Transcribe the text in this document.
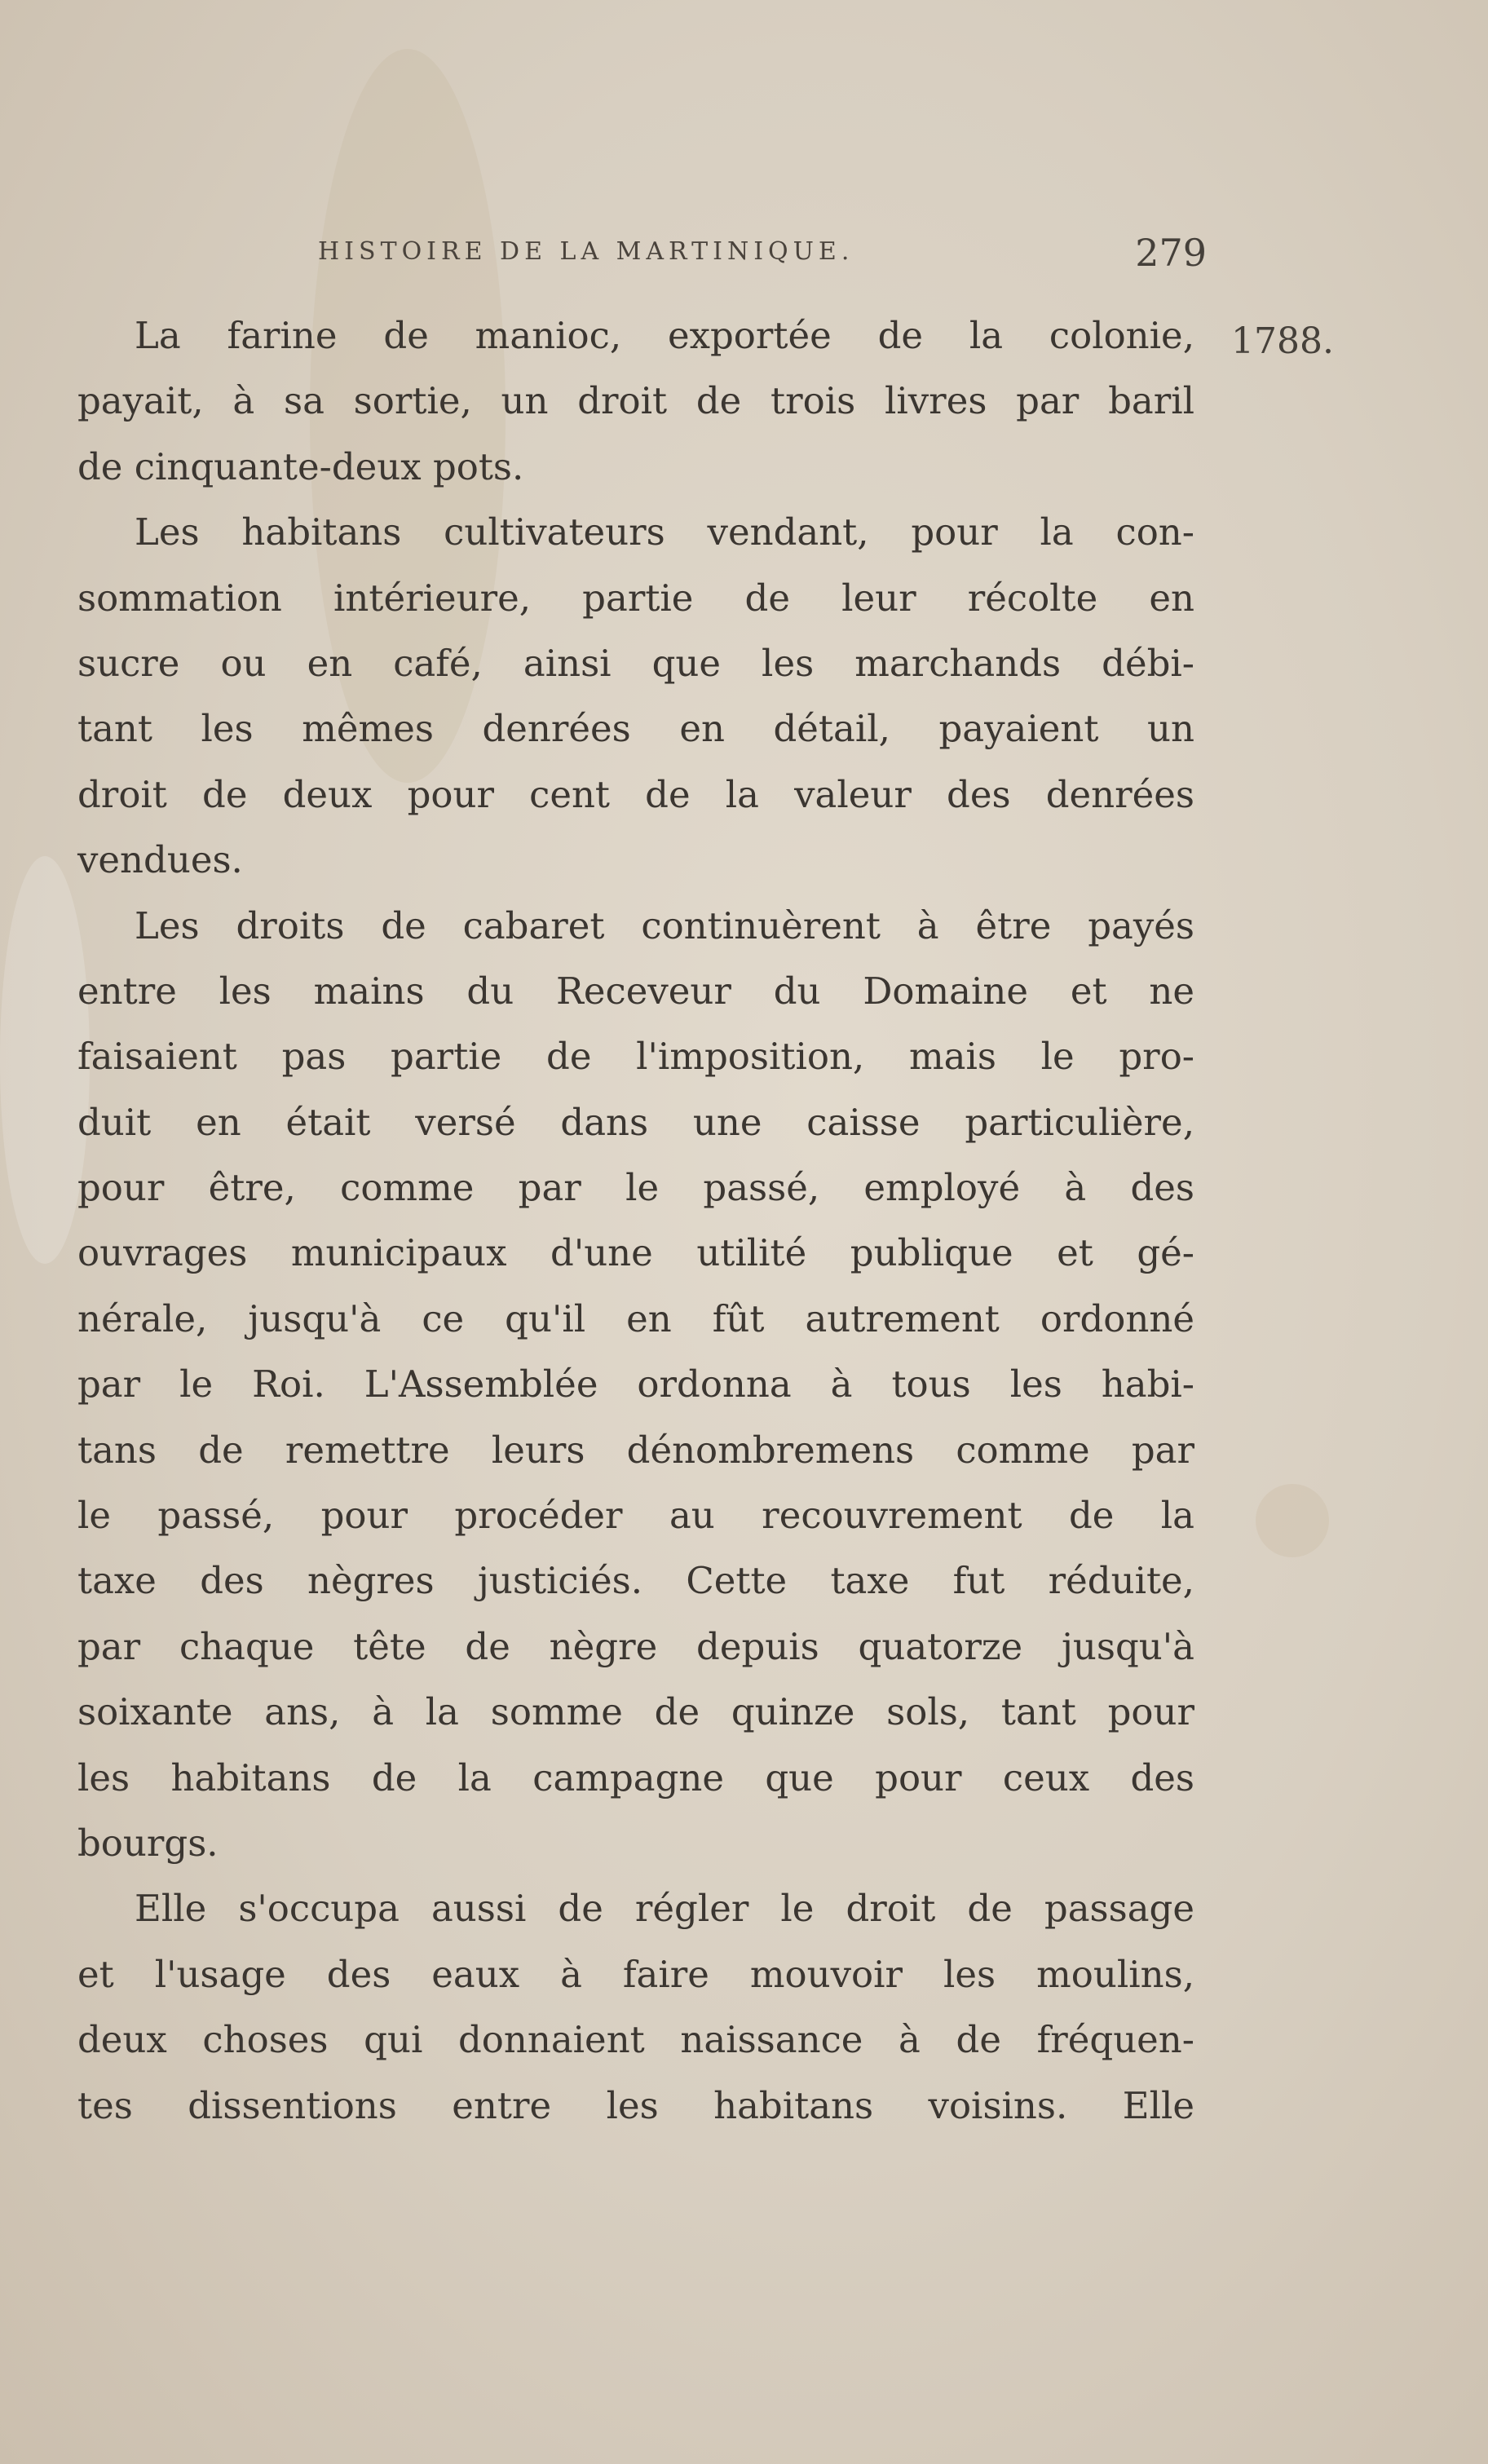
HISTOIRE DE LA MARTINIQUE.	279
1788.
La farine de manioc, exportée de la colonie,
payait, à sa sortie, un droit de trois livres par baril
de cinquante-deux pots.
Les habitans cultivateurs vendant, pour la con-
sommation intérieure, partie de leur récolte en
sucre ou en café, ainsi que les marchands débi-
tant les mêmes denrées en détail, payaient un
droit de deux pour cent de la valeur des denrées
vendues.
Les droits de cabaret continuèrent à être payés
entre les mains du Receveur du Domaine et ne
faisaient pas partie de l'imposition, mais le pro-
duit en était versé dans une caisse particulière,
pour être, comme par le passé, employé à des
ouvrages municipaux d'une utilité publique et gé-
nérale, jusqu'à ce qu'il en fût autrement ordonné
par le Roi. L'Assemblée ordonna à tous les habi-
tans de remettre leurs dénombremens comme par
le passé, pour procéder au recouvrement de la
taxe des nègres justiciés. Cette taxe fut réduite,
par chaque tête de nègre depuis quatorze jusqu'à
soixante ans, à la somme de quinze sols, tant pour
les habitans de la campagne que pour ceux des
bourgs.
Elle s'occupa aussi de régler le droit de passage
et l'usage des eaux à faire mouvoir les moulins,
deux choses qui donnaient naissance à de fréquen-
tes dissentions entre les habitans voisins. Elle
